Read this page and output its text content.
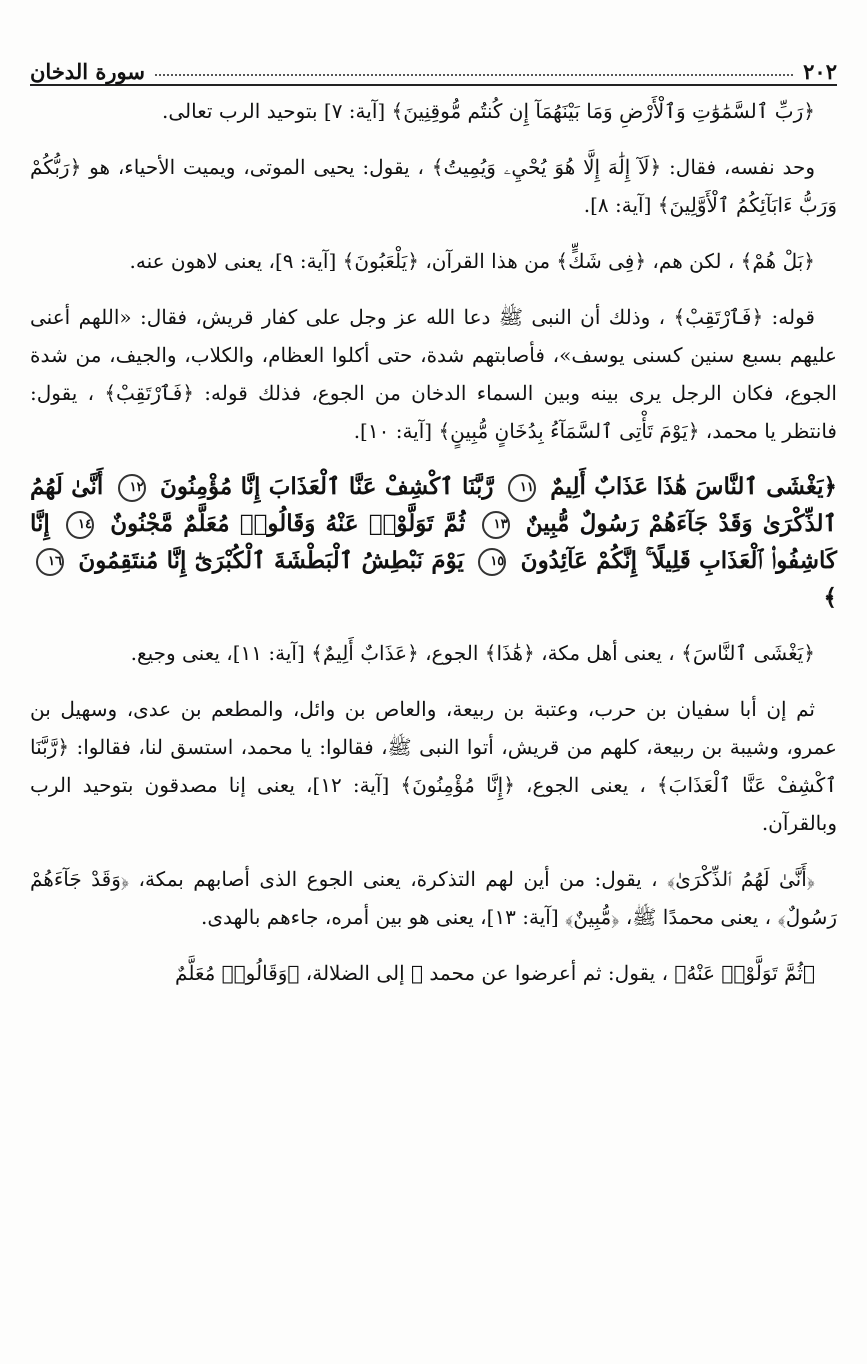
٢٠٢
سورة الدخان

﴿رَبِّ ٱلسَّمَٰوَٰتِ وَٱلْأَرْضِ وَمَا بَيْنَهُمَآ إِن كُنتُم مُّوقِنِينَ﴾ [آية: ٧] بتوحيد الرب تعالى.

وحد نفسه، فقال: ﴿لَآ إِلَٰهَ إِلَّا هُوَ يُحْيِۦ وَيُمِيتُ﴾ ، يقول: يحيى الموتى، ويميت الأحياء، هو ﴿رَبُّكُمْ وَرَبُّ ءَابَآئِكُمُ ٱلْأَوَّلِينَ﴾ [آية: ٨].

﴿بَلْ هُمْ﴾ ، لكن هم، ﴿فِى شَكٍّ﴾ من هذا القرآن، ﴿يَلْعَبُونَ﴾ [آية: ٩]، يعنى لاهون عنه.

قوله: ﴿فَٱرْتَقِبْ﴾ ، وذلك أن النبى ﷺ دعا الله عز وجل على كفار قريش، فقال: «اللهم أعنى عليهم بسبع سنين كسنى يوسف»، فأصابتهم شدة، حتى أكلوا العظام، والكلاب، والجيف، من شدة الجوع، فكان الرجل يرى بينه وبين السماء الدخان من الجوع، فذلك قوله: ﴿فَٱرْتَقِبْ﴾ ، يقول: فانتظر يا محمد، ﴿يَوْمَ تَأْتِى ٱلسَّمَآءُ بِدُخَانٍ مُّبِينٍ﴾ [آية: ١٠].

﴿يَغْشَى ٱلنَّاسَ هَٰذَا عَذَابٌ أَلِيمٌ ١١ رَّبَّنَا ٱكْشِفْ عَنَّا ٱلْعَذَابَ إِنَّا مُؤْمِنُونَ ١٢ أَنَّىٰ لَهُمُ ٱلذِّكْرَىٰ وَقَدْ جَآءَهُمْ رَسُولٌ مُّبِينٌ ١٣ ثُمَّ تَوَلَّوْا۟ عَنْهُ وَقَالُوا۟ مُعَلَّمٌ مَّجْنُونٌ ١٤ إِنَّا كَاشِفُوا۟ ٱلْعَذَابِ قَلِيلًا ۚ إِنَّكُمْ عَآئِدُونَ ١٥ يَوْمَ نَبْطِشُ ٱلْبَطْشَةَ ٱلْكُبْرَىٰٓ إِنَّا مُنتَقِمُونَ ١٦﴾

﴿يَغْشَى ٱلنَّاسَ﴾ ، يعنى أهل مكة، ﴿هَٰذَا﴾ الجوع، ﴿عَذَابٌ أَلِيمٌ﴾ [آية: ١١]، يعنى وجيع.

ثم إن أبا سفيان بن حرب، وعتبة بن ربيعة، والعاص بن وائل، والمطعم بن عدى، وسهيل بن عمرو، وشيبة بن ربيعة، كلهم من قريش، أتوا النبى ﷺ، فقالوا: يا محمد، استسق لنا، فقالوا: ﴿رَّبَّنَا ٱكْشِفْ عَنَّا ٱلْعَذَابَ﴾ ، يعنى الجوع، ﴿إِنَّا مُؤْمِنُونَ﴾ [آية: ١٢]، يعنى إنا مصدقون بتوحيد الرب وبالقرآن.

﴿أَنَّىٰ لَهُمُ ٱلذِّكْرَىٰ﴾ ، يقول: من أين لهم التذكرة، يعنى الجوع الذى أصابهم بمكة، ﴿وَقَدْ جَآءَهُمْ رَسُولٌ﴾ ، يعنى محمدًا ﷺ، ﴿مُّبِينٌ﴾ [آية: ١٣]، يعنى هو بين أمره، جاءهم بالهدى.

﴿ثُمَّ تَوَلَّوْا۟ عَنْهُ﴾ ، يقول: ثم أعرضوا عن محمد ﷺ إلى الضلالة، ﴿وَقَالُوا۟ مُعَلَّمٌ
